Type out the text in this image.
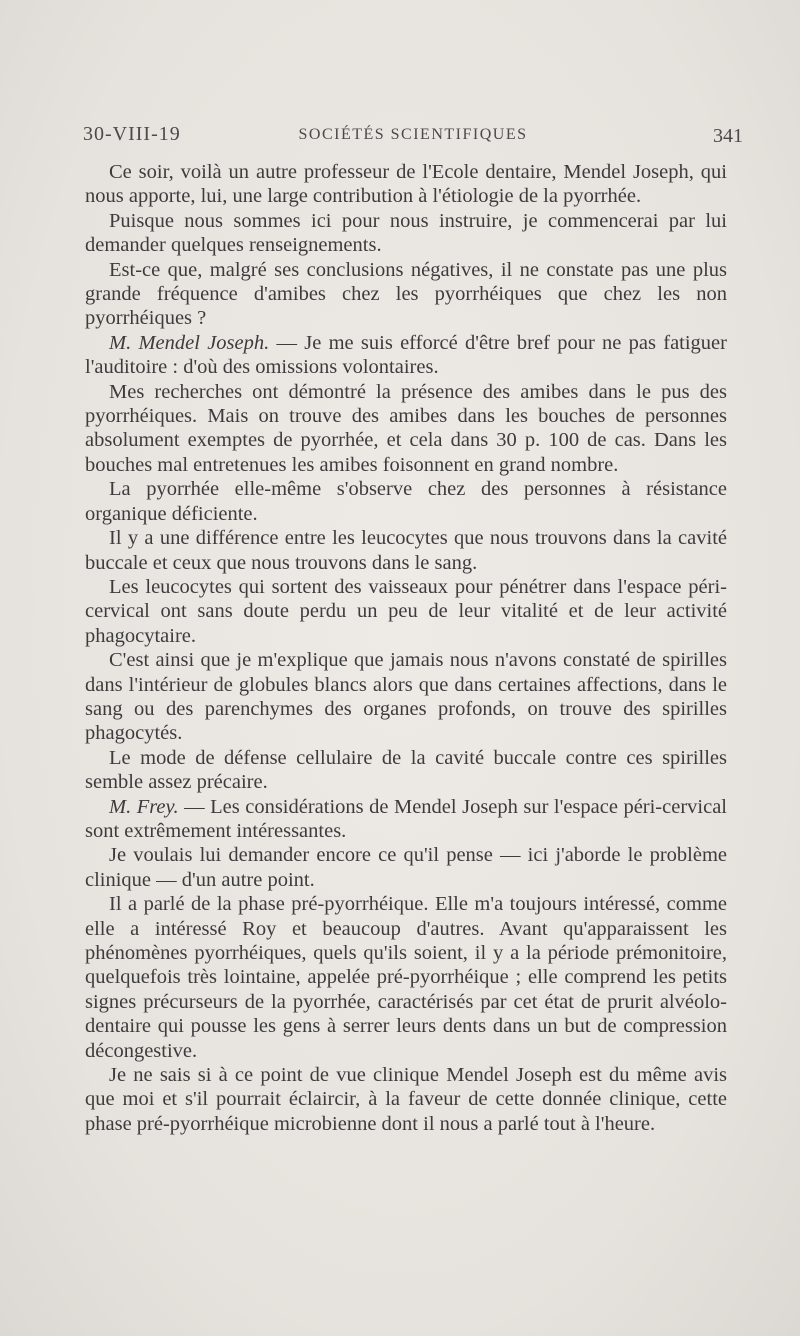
30-VIII-19	SOCIÉTÉS SCIENTIFIQUES	341

Ce soir, voilà un autre professeur de l'Ecole dentaire, Mendel Joseph, qui nous apporte, lui, une large contribution à l'étiologie de la pyorrhée.

Puisque nous sommes ici pour nous instruire, je commencerai par lui demander quelques renseignements.

Est-ce que, malgré ses conclusions négatives, il ne constate pas une plus grande fréquence d'amibes chez les pyorrhéiques que chez les non pyorrhéiques ?

M. Mendel Joseph. — Je me suis efforcé d'être bref pour ne pas fatiguer l'auditoire : d'où des omissions volontaires.

Mes recherches ont démontré la présence des amibes dans le pus des pyorrhéiques. Mais on trouve des amibes dans les bouches de personnes absolument exemptes de pyorrhée, et cela dans 30 p. 100 de cas. Dans les bouches mal entretenues les amibes foisonnent en grand nombre.

La pyorrhée elle-même s'observe chez des personnes à résistance organique déficiente.

Il y a une différence entre les leucocytes que nous trouvons dans la cavité buccale et ceux que nous trouvons dans le sang.

Les leucocytes qui sortent des vaisseaux pour pénétrer dans l'espace péri-cervical ont sans doute perdu un peu de leur vitalité et de leur activité phagocytaire.

C'est ainsi que je m'explique que jamais nous n'avons constaté de spirilles dans l'intérieur de globules blancs alors que dans certaines affections, dans le sang ou des parenchymes des organes profonds, on trouve des spirilles phagocytés.

Le mode de défense cellulaire de la cavité buccale contre ces spirilles semble assez précaire.

M. Frey. — Les considérations de Mendel Joseph sur l'espace péri-cervical sont extrêmement intéressantes.

Je voulais lui demander encore ce qu'il pense — ici j'aborde le problème clinique — d'un autre point.

Il a parlé de la phase pré-pyorrhéique. Elle m'a toujours intéressé, comme elle a intéressé Roy et beaucoup d'autres. Avant qu'apparaissent les phénomènes pyorrhéiques, quels qu'ils soient, il y a la période prémonitoire, quelquefois très lointaine, appelée pré-pyorrhéique ; elle comprend les petits signes précurseurs de la pyorrhée, caractérisés par cet état de prurit alvéolo-dentaire qui pousse les gens à serrer leurs dents dans un but de compression décongestive.

Je ne sais si à ce point de vue clinique Mendel Joseph est du même avis que moi et s'il pourrait éclaircir, à la faveur de cette donnée clinique, cette phase pré-pyorrhéique microbienne dont il nous a parlé tout à l'heure.
